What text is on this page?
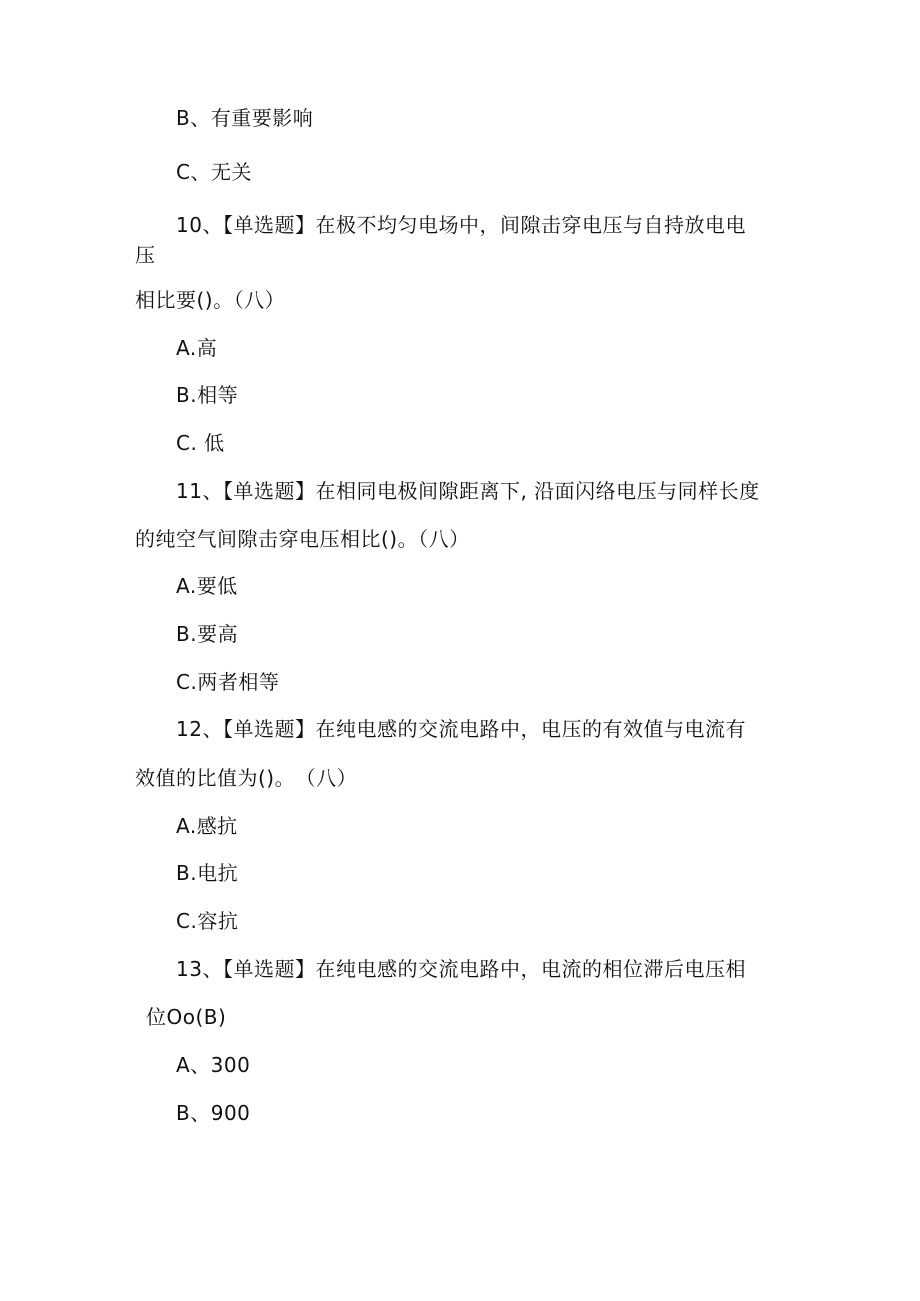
B、有重要影响
C、无关
10、【单选题】在极不均匀电场中，间隙击穿电压与自持放电电
压
相比要()。（八）
A.高
B.相等
C. 低
11、【单选题】在相同电极间隙距离下, 沿面闪络电压与同样长度
的纯空气间隙击穿电压相比()。（八）
A.要低
B.要高
C.两者相等
12、【单选题】在纯电感的交流电路中，电压的有效值与电流有
效值的比值为()。　（八）
A.感抗
B.电抗
C.容抗
13、【单选题】在纯电感的交流电路中，电流的相位滞后电压相
位Oo(B)
A、300
B、900
